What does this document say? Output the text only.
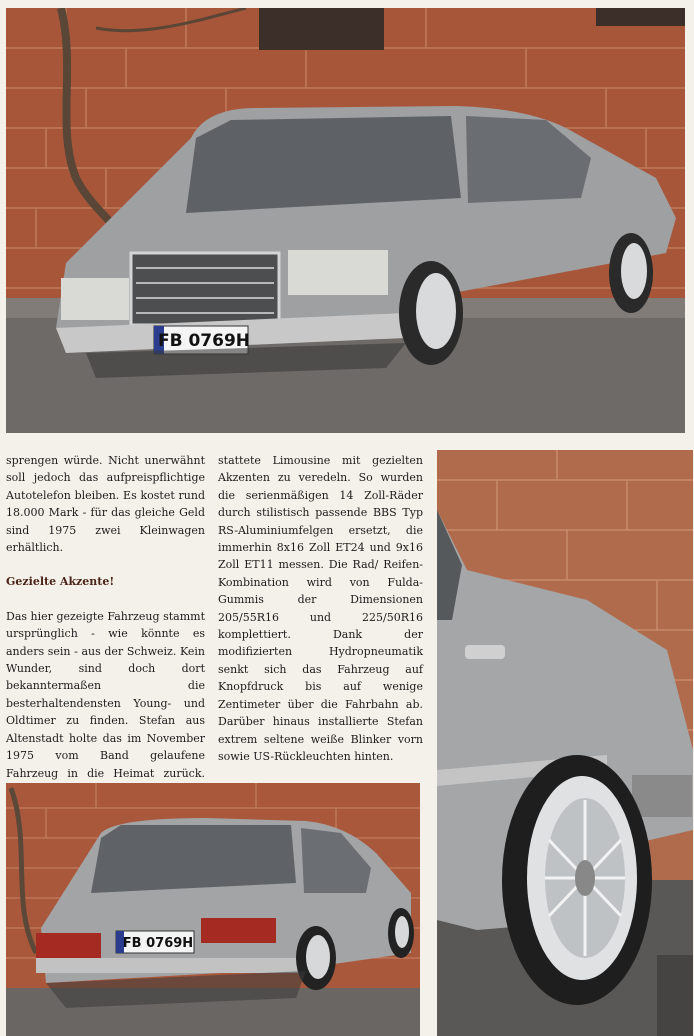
FB 0769H

sprengen würde. Nicht unerwähnt soll jedoch das aufpreispflichtige Autotelefon bleiben. Es kostet rund 18.000 Mark - für das gleiche Geld sind 1975 zwei Kleinwagen erhältlich.

Gezielte Akzente!

Das hier gezeigte Fahrzeug stammt ursprünglich - wie könnte es anders sein - aus der Schweiz. Kein Wunder, sind doch dort bekanntermaßen die besterhaltendensten Young- und Oldtimer zu finden. Stefan aus Altenstadt holte das im November 1975 vom Band gelaufene Fahrzeug in die Heimat zurück.

stattete Limousine mit gezielten Akzenten zu veredeln. So wurden die serienmäßigen 14 Zoll-Räder durch stilistisch passende BBS Typ RS-Aluminiumfelgen ersetzt, die immerhin 8x16 Zoll ET24 und 9x16 Zoll ET11 messen. Die Rad/ Reifen-Kombination wird von Fulda-Gummis der Dimensionen 205/55R16 und 225/50R16 komplettiert. Dank der modifizierten Hydropneumatik senkt sich das Fahrzeug auf Knopfdruck bis auf wenige Zentimeter über die Fahrbahn ab. Darüber hinaus installierte Stefan extrem seltene weiße Blinker vorn sowie US-Rückleuchten hinten.

FB 0769H
